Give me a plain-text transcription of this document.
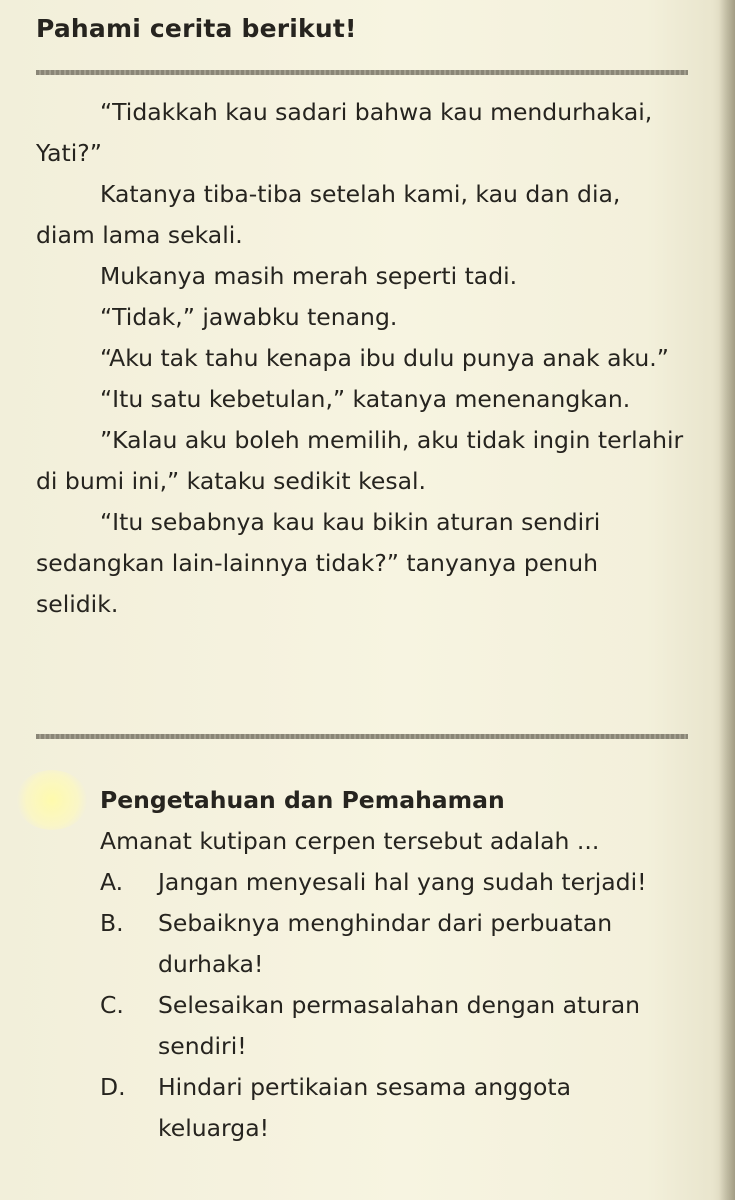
Pahami cerita berikut!

“Tidakkah kau sadari bahwa kau mendurhakai, Yati?”

Katanya tiba-tiba setelah kami, kau dan dia, diam lama sekali.

Mukanya masih merah seperti tadi.

“Tidak,” jawabku tenang.

“Aku tak tahu kenapa ibu dulu punya anak aku.”

“Itu satu kebetulan,” katanya menenangkan.

”Kalau aku boleh memilih, aku tidak ingin terlahir di bumi ini,” kataku sedikit kesal.

“Itu sebabnya kau kau bikin aturan sendiri sedangkan lain-lainnya tidak?” tanyanya penuh selidik.

Pengetahuan dan Pemahaman

Amanat kutipan cerpen tersebut adalah ...

A.	Jangan menyesali hal yang sudah terjadi!
B.	Sebaiknya menghindar dari perbuatan durhaka!
C.	Selesaikan permasalahan dengan aturan sendiri!
D.	Hindari pertikaian sesama anggota keluarga!
